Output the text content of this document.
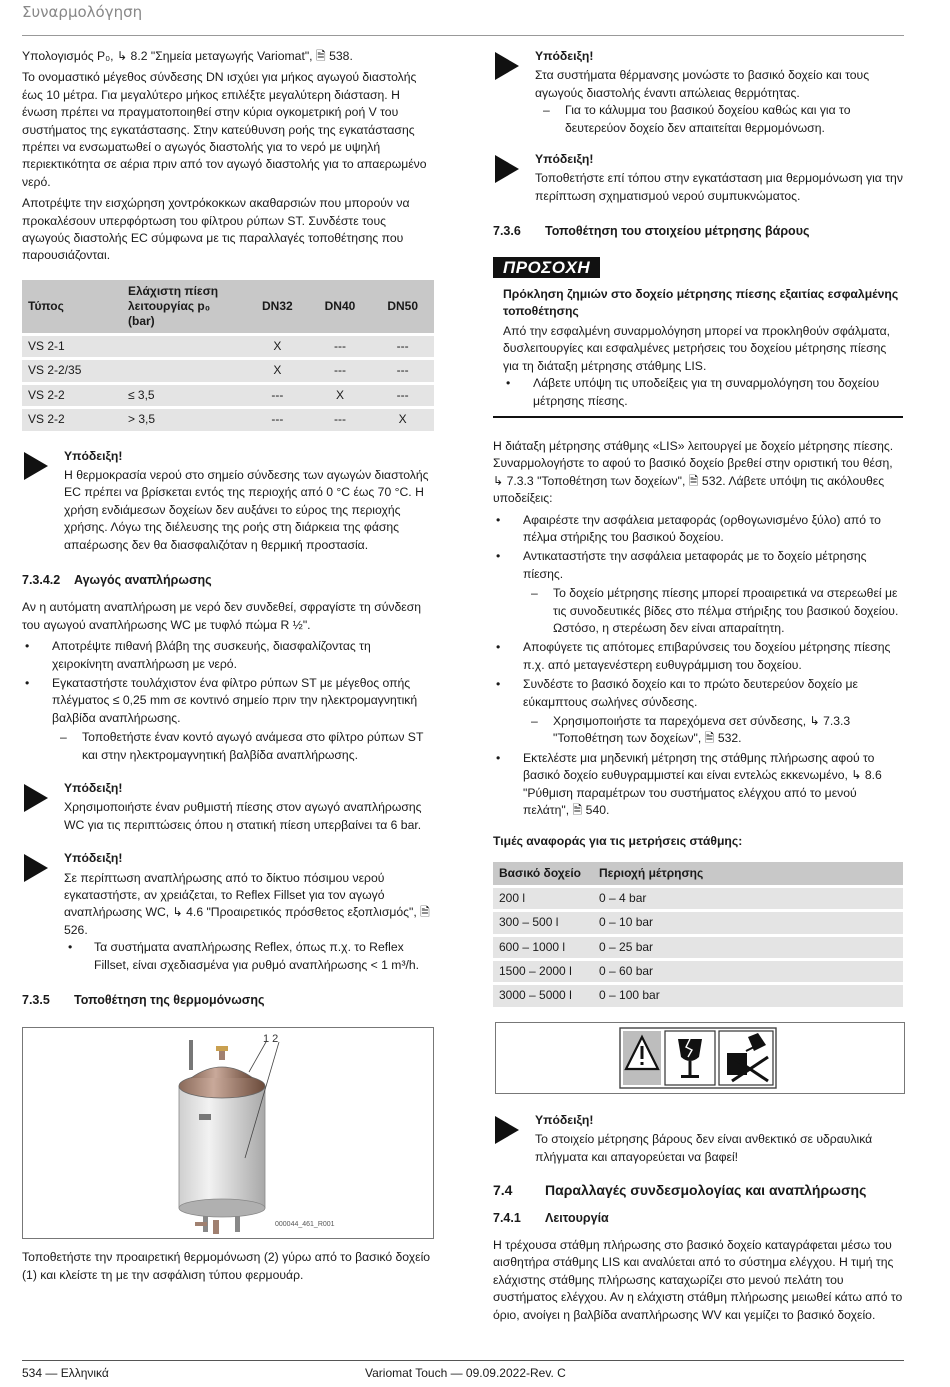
Συναρμολόγηση

Υπολογισμός P₀, ↳ 8.2 "Σημεία μεταγωγής Variomat", 🗎 538.

Το ονομαστικό μέγεθος σύνδεσης DN ισχύει για μήκος αγωγού διαστολής έως 10 μέτρα. Για μεγαλύτερο μήκος επιλέξτε μεγαλύτερη διάσταση. Η ένωση πρέπει να πραγματοποιηθεί στην κύρια ογκομετρική ροή V του συστήματος της εγκατάστασης. Στην κατεύθυνση ροής της εγκατάστασης πρέπει να ενσωματωθεί ο αγωγός διαστολής για το νερό με υψηλή περιεκτικότητα σε αέρια πριν από τον αγωγό διαστολής για το απαερωμένο νερό.

Αποτρέψτε την εισχώρηση χοντρόκοκκων ακαθαρσιών που μπορούν να προκαλέσουν υπερφόρτωση του φίλτρου ρύπων ST. Συνδέστε τους αγωγούς διαστολής EC σύμφωνα με τις παραλλαγές τοποθέτησης που παρουσιάζονται.

Τύπος	Ελάχιστη πίεση λειτουργίας p₀ (bar)	DN32	DN40	DN50
VS 2-1		X	---	---
VS 2-2/35		X	---	---
VS 2-2	≤ 3,5	---	X	---
VS 2-2	> 3,5	---	---	X
Υπόδειξη!
Η θερμοκρασία νερού στο σημείο σύνδεσης των αγωγών διαστολής EC πρέπει να βρίσκεται εντός της περιοχής από 0 °C έως 70 °C. Η χρήση ενδιάμεσων δοχείων δεν αυξάνει το εύρος της περιοχής χρήσης. Λόγω της διέλευσης της ροής στη διάρκεια της φάσης απαέρωσης δεν θα διασφαλιζόταν η θερμική προστασία.
7.3.4.2 Αγωγός αναπλήρωσης

Αν η αυτόματη αναπλήρωση με νερό δεν συνδεθεί, σφραγίστε τη σύνδεση του αγωγού αναπλήρωσης WC με τυφλό πώμα R ½".

• Αποτρέψτε πιθανή βλάβη της συσκευής, διασφαλίζοντας τη χειροκίνητη αναπλήρωση με νερό.
• Εγκαταστήστε τουλάχιστον ένα φίλτρο ρύπων ST με μέγεθος οπής πλέγματος ≤ 0,25 mm σε κοντινό σημείο πριν την ηλεκτρομαγνητική βαλβίδα αναπλήρωσης.
– Τοποθετήστε έναν κοντό αγωγό ανάμεσα στο φίλτρο ρύπων ST και στην ηλεκτρομαγνητική βαλβίδα αναπλήρωσης.
Υπόδειξη!
Χρησιμοποιήστε έναν ρυθμιστή πίεσης στον αγωγό αναπλήρωσης WC για τις περιπτώσεις όπου η στατική πίεση υπερβαίνει τα 6 bar.
Υπόδειξη!
Σε περίπτωση αναπλήρωσης από το δίκτυο πόσιμου νερού εγκαταστήστε, αν χρειάζεται, το Reflex Fillset για τον αγωγό αναπλήρωσης WC, ↳ 4.6 "Προαιρετικός πρόσθετος εξοπλισμός", 🗎 526.
• Τα συστήματα αναπλήρωσης Reflex, όπως π.χ. το Reflex Fillset, είναι σχεδιασμένα για ρυθμό αναπλήρωσης < 1 m³/h.
7.3.5 Τοποθέτηση της θερμομόνωσης
1 2
000044_461_R001

Τοποθετήστε την προαιρετική θερμομόνωση (2) γύρω από το βασικό δοχείο (1) και κλείστε τη με την ασφάλιση τύπου φερμουάρ.

Υπόδειξη!
Στα συστήματα θέρμανσης μονώστε το βασικό δοχείο και τους αγωγούς διαστολής έναντι απώλειας θερμότητας.
– Για το κάλυμμα του βασικού δοχείου καθώς και για το δευτερεύον δοχείο δεν απαιτείται θερμομόνωση.
Υπόδειξη!
Τοποθετήστε επί τόπου στην εγκατάσταση μια θερμομόνωση για την περίπτωση σχηματισμού νερού συμπυκνώματος.
7.3.6 Τοποθέτηση του στοιχείου μέτρησης βάρους
ΠΡΟΣΟΧΗ
Πρόκληση ζημιών στο δοχείο μέτρησης πίεσης εξαιτίας εσφαλμένης τοποθέτησης
Από την εσφαλμένη συναρμολόγηση μπορεί να προκληθούν σφάλματα, δυσλειτουργίες και εσφαλμένες μετρήσεις του δοχείου μέτρησης πίεσης για τη διάταξη μέτρησης στάθμης LIS.
• Λάβετε υπόψη τις υποδείξεις για τη συναρμολόγηση του δοχείου μέτρησης πίεσης.

Η διάταξη μέτρησης στάθμης «LIS» λειτουργεί με δοχείο μέτρησης πίεσης. Συναρμολογήστε το αφού το βασικό δοχείο βρεθεί στην οριστική του θέση, ↳ 7.3.3 "Τοποθέτηση των δοχείων", 🗎 532. Λάβετε υπόψη τις ακόλουθες υποδείξεις:

• Αφαιρέστε την ασφάλεια μεταφοράς (ορθογωνισμένο ξύλο) από το πέλμα στήριξης του βασικού δοχείου.
• Αντικαταστήστε την ασφάλεια μεταφοράς με το δοχείο μέτρησης πίεσης.
– Το δοχείο μέτρησης πίεσης μπορεί προαιρετικά να στερεωθεί με τις συνοδευτικές βίδες στο πέλμα στήριξης του βασικού δοχείου. Ωστόσο, η στερέωση δεν είναι απαραίτητη.
• Αποφύγετε τις απότομες επιβαρύνσεις του δοχείου μέτρησης πίεσης π.χ. από μεταγενέστερη ευθυγράμμιση του δοχείου.
• Συνδέστε το βασικό δοχείο και το πρώτο δευτερεύον δοχείο με εύκαμπτους σωλήνες σύνδεσης.
– Χρησιμοποιήστε τα παρεχόμενα σετ σύνδεσης, ↳ 7.3.3 "Τοποθέτηση των δοχείων", 🗎 532.
• Εκτελέστε μια μηδενική μέτρηση της στάθμης πλήρωσης αφού το βασικό δοχείο ευθυγραμμιστεί και είναι εντελώς εκκενωμένο, ↳ 8.6 "Ρύθμιση παραμέτρων του συστήματος ελέγχου από το μενού πελάτη", 🗎 540.

Τιμές αναφοράς για τις μετρήσεις στάθμης:

Βασικό δοχείο	Περιοχή μέτρησης
200 l	0 – 4 bar
300 – 500 l	0 – 10 bar
600 – 1000 l	0 – 25 bar
1500 – 2000 l	0 – 60 bar
3000 – 5000 l	0 – 100 bar
Υπόδειξη!
Το στοιχείο μέτρησης βάρους δεν είναι ανθεκτικό σε υδραυλικά πλήγματα και απαγορεύεται να βαφεί!
7.4 Παραλλαγές συνδεσμολογίας και αναπλήρωσης
7.4.1 Λειτουργία

Η τρέχουσα στάθμη πλήρωσης στο βασικό δοχείο καταγράφεται μέσω του αισθητήρα στάθμης LIS και αναλύεται από το σύστημα ελέγχου. Η τιμή της ελάχιστης στάθμης πλήρωσης καταχωρίζει στο μενού πελάτη του συστήματος ελέγχου. Αν η ελάχιστη στάθμη πλήρωσης μειωθεί κάτω από το όριο, ανοίγει η βαλβίδα αναπλήρωσης WV και γεμίζει το βασικό δοχείο.

534 — Ελληνικά	Variomat Touch — 09.09.2022-Rev. C
